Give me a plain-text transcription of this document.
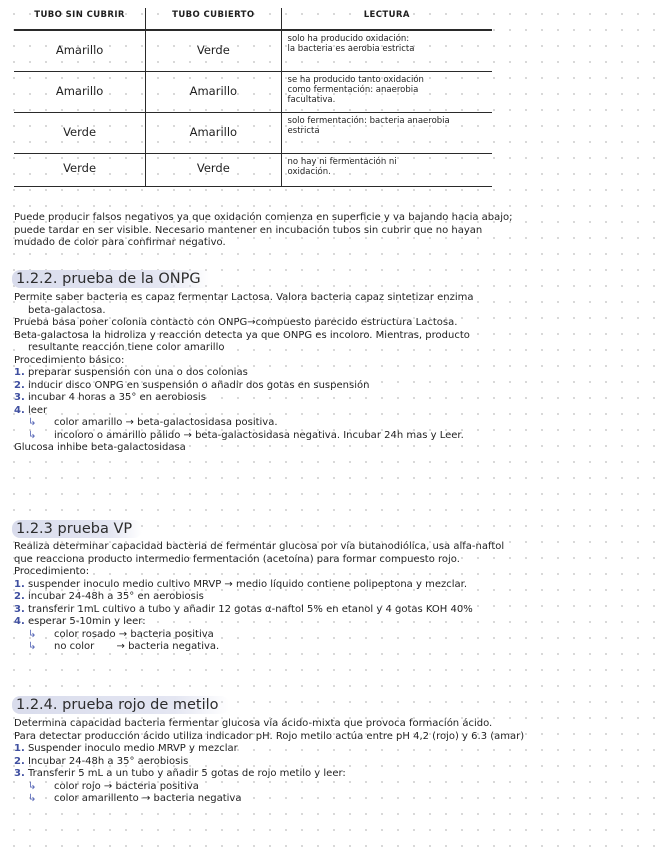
TUBO SIN CUBRIR	TUBO CUBIERTO	LECTURA

Amarillo	Verde	solo ha producido oxidación:
la bacteria es aerobia estricta

Amarillo	Amarillo	se ha producido tanto oxidación
como fermentación: anaerobia
facultativa.

Verde	Amarillo	solo fermentación: bacteria anaerobia
estricta

Verde	Verde	no hay ni fermentación ni
oxidación.
Puede producir falsos negativos ya que oxidación comienza en superficie y va bajando hacia abajo;
puede tardar en ser visible. Necesario mantener en incubación tubos sin cubrir que no hayan
mudado de color para confirmar negativo.
1.2.2. prueba de la ONPG
Permite saber bacteria es capaz fermentar Lactosa. Valora bacteria capaz sintetizar enzima
beta-galactosa.
Prueba basa poner colonia contacto con ONPG→compuesto parecido estructura Lactosa.
Beta-galactosa la hidroliza y reacción detecta ya que ONPG es incoloro. Mientras, producto
resultante reacción tiene color amarillo
Procedimiento básico:
1. preparar suspensión con una o dos colonias
2. inducir disco ONPG en suspensión o añadir dos gotas en suspensión
3. incubar 4 horas a 35° en aerobiosis
4. leer
↳ color amarillo → beta-galactosidasa positiva.
↳ incoloro o amarillo pálido → beta-galactosidasa negativa. Incubar 24h mas y Leer.
Glucosa inhibe beta-galactosidasa
1.2.3 prueba VP
Realiza determinar capacidad bacteria de fermentar glucosa por vía butanodiólica, usa alfa-naftol
que reacciona producto intermedio fermentación (acetoína) para formar compuesto rojo.
Procedimiento:
1. suspender inoculo medio cultivo MRVP → medio líquido contiene polipeptona y mezclar.
2. incubar 24-48h a 35° en aerobiosis
3. transferir 1mL cultivo a tubo y añadir 12 gotas α-naftol 5% en etanol y 4 gotas KOH 40%
4. esperar 5-10min y leer:
↳ color rosado → bacteria positiva
↳ no color       → bacteria negativa.
1.2.4. prueba rojo de metilo
Determina capacidad bacteria fermentar glucosa vía ácido-mixta que provoca formación ácido.
Para detectar producción ácido utiliza indicador pH. Rojo metilo actúa entre pH 4,2 (rojo) y 6.3 (amar)
1. Suspender inoculo medio MRVP y mezclar
2. Incubar 24-48h a 35° aerobiosis
3. Transferir 5 mL a un tubo y añadir 5 gotas de rojo metilo y leer:
↳ color rojo → bacteria positiva
↳ color amarillento → bacteria negativa
